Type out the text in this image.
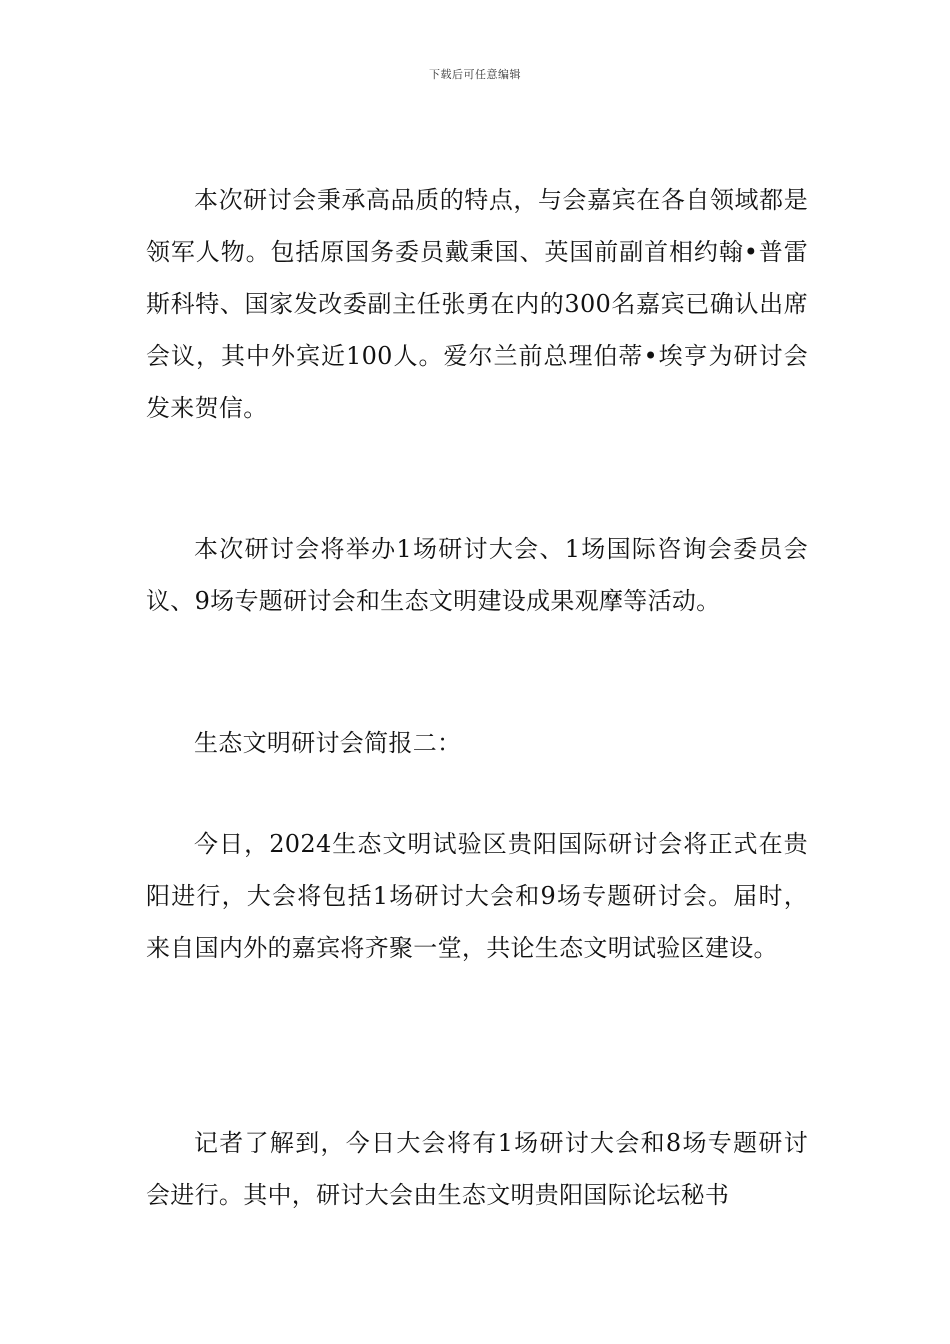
下载后可任意编辑

本次研讨会秉承高品质的特点，与会嘉宾在各自领域都是领军人物。包括原国务委员戴秉国、英国前副首相约翰•普雷斯科特、国家发改委副主任张勇在内的300名嘉宾已确认出席会议，其中外宾近100人。爱尔兰前总理伯蒂•埃亨为研讨会发来贺信。

本次研讨会将举办1场研讨大会、1场国际咨询会委员会议、9场专题研讨会和生态文明建设成果观摩等活动。

生态文明研讨会简报二：

今日，2024生态文明试验区贵阳国际研讨会将正式在贵阳进行，大会将包括1场研讨大会和9场专题研讨会。届时，来自国内外的嘉宾将齐聚一堂，共论生态文明试验区建设。

记者了解到，今日大会将有1场研讨大会和8场专题研讨会进行。其中，研讨大会由生态文明贵阳国际论坛秘书
